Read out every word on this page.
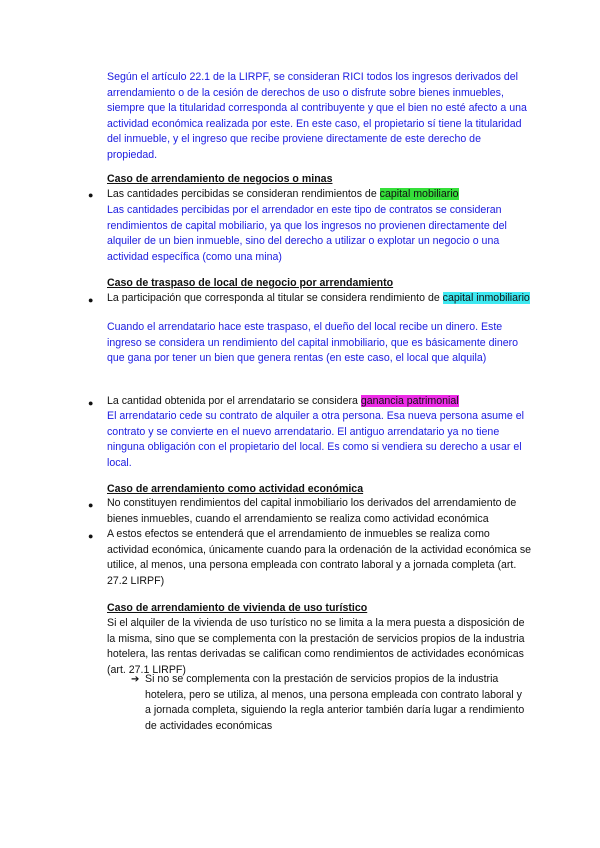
Según el artículo 22.1 de la LIRPF, se consideran RICI todos los ingresos derivados del arrendamiento o de la cesión de derechos de uso o disfrute sobre bienes inmuebles, siempre que la titularidad corresponda al contribuyente y que el bien no esté afecto a una actividad económica realizada por este. En este caso, el propietario sí tiene la titularidad del inmueble, y el ingreso que recibe proviene directamente de este derecho de propiedad.

Caso de arrendamiento de negocios o minas

● Las cantidades percibidas se consideran rendimientos de capital mobiliario

Las cantidades percibidas por el arrendador en este tipo de contratos se consideran rendimientos de capital mobiliario, ya que los ingresos no provienen directamente del alquiler de un bien inmueble, sino del derecho a utilizar o explotar un negocio o una actividad específica (como una mina)

Caso de traspaso de local de negocio por arrendamiento

● La participación que corresponda al titular se considera rendimiento de capital inmobiliario

Cuando el arrendatario hace este traspaso, el dueño del local recibe un dinero. Este ingreso se considera un rendimiento del capital inmobiliario, que es básicamente dinero que gana por tener un bien que genera rentas (en este caso, el local que alquila)

● La cantidad obtenida por el arrendatario se considera ganancia patrimonial

El arrendatario cede su contrato de alquiler a otra persona. Esa nueva persona asume el contrato y se convierte en el nuevo arrendatario. El antiguo arrendatario ya no tiene ninguna obligación con el propietario del local. Es como si vendiera su derecho a usar el local.

Caso de arrendamiento como actividad económica

● No constituyen rendimientos del capital inmobiliario los derivados del arrendamiento de bienes inmuebles, cuando el arrendamiento se realiza como actividad económica

● A estos efectos se entenderá que el arrendamiento de inmuebles se realiza como actividad económica, únicamente cuando para la ordenación de la actividad económica se utilice, al menos, una persona empleada con contrato laboral y a jornada completa (art. 27.2 LIRPF)

Caso de arrendamiento de vivienda de uso turístico

Si el alquiler de la vivienda de uso turístico no se limita a la mera puesta a disposición de la misma, sino que se complementa con la prestación de servicios propios de la industria hotelera, las rentas derivadas se califican como rendimientos de actividades económicas (art. 27.1 LIRPF)

➔ Si no se complementa con la prestación de servicios propios de la industria hotelera, pero se utiliza, al menos, una persona empleada con contrato laboral y a jornada completa, siguiendo la regla anterior también daría lugar a rendimiento de actividades económicas
